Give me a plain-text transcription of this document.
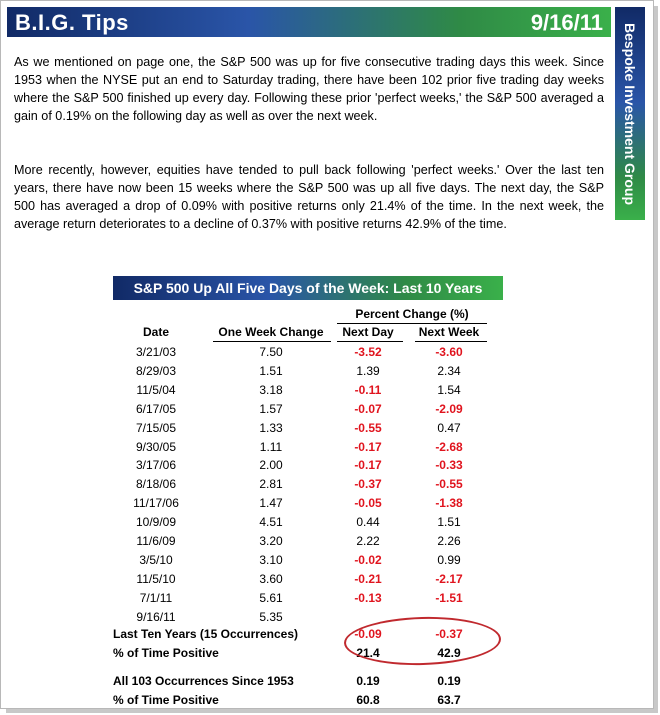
B.I.G. Tips	9/16/11 Bespoke Investment Group
As we mentioned on page one, the S&P 500 was up for five consecutive trading days this week. Since 1953 when the NYSE put an end to Saturday trading, there have been 102 prior five trading day weeks where the S&P 500 finished up every day. Following these prior 'perfect weeks,' the S&P 500 averaged a gain of 0.19% on the following day as well as over the next week.
More recently, however, equities have tended to pull back following 'perfect weeks.' Over the last ten years, there have now been 15 weeks where the S&P 500 was up all five days. The next day, the S&P 500 has averaged a drop of 0.09% with positive returns only 21.4% of the time. In the next week, the average return deteriorates to a decline of 0.37% with positive returns 42.9% of the time.
S&P 500 Up All Five Days of the Week: Last 10 Years
Percent Change (%)
Date	One Week Change	Next Day	Next Week
3/21/03	7.50	-3.52	-3.60
8/29/03	1.51	1.39	2.34
11/5/04	3.18	-0.11	1.54
6/17/05	1.57	-0.07	-2.09
7/15/05	1.33	-0.55	0.47
9/30/05	1.11	-0.17	-2.68
3/17/06	2.00	-0.17	-0.33
8/18/06	2.81	-0.37	-0.55
11/17/06	1.47	-0.05	-1.38
10/9/09	4.51	0.44	1.51
11/6/09	3.20	2.22	2.26
3/5/10	3.10	-0.02	0.99
11/5/10	3.60	-0.21	-2.17
7/1/11	5.61	-0.13	-1.51
9/16/11	5.35
Last Ten Years (15 Occurrences)	-0.09	-0.37
% of Time Positive	21.4	42.9
All 103 Occurrences Since 1953	0.19	0.19
% of Time Positive	60.8	63.7
